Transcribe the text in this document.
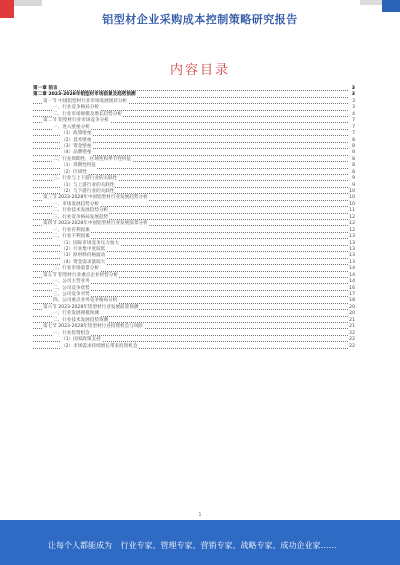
铝型材企业采购成本控制策略研究报告
内容目录
第一章 前言	3
第二章 2023-2028年铝型材市场前景及趋势预测	3
第一节 中国铝型材行业市场发展现状分析	3
一、行业竞争格局分析	3
二、行业市场规模及增长趋势分析	4
第二节 铝型材行业市场竞争分析	7
一、进入壁垒分析	7
（1）政策壁垒	7
（2）技术壁垒	8
（3）资金壁垒	8
（4）品牌壁垒	8
二、行业周期性、区域性和季节性特征	8
（1）周期性特征	8
（2）区域性	8
三、行业与上下游行业的关联性	9
（1）与上游行业的关联性	9
（2）与下游行业的关联性	10
第三节 2023-2028年中国铝型材行业发展趋势分析	10
一、市场发展趋势分析	10
二、行业技术发展趋势分析	11
三、行业竞争格局发展趋势	12
第四节 2023-2028年中国铝型材行业发展前景分析	12
一、行业有利因素	12
二、行业不利因素	13
（1）国际市场竞争压力加大	13
（2）行业集中度较低	13
（3）原材料价格波动	13
（4）资金需求量较大	13
三、行业市场前景分析	14
第五节 铝型材行业重点企业经营分析	14
一、公司主营业务	14
二、公司竞争优势	16
三、公司竞争劣势	17
四、公司重点业务竞争格局分析	18
第六节 2023-2028年铝型材行业发展前景预测	20
一、行业发展规模预测	20
二、行业技术发展趋势预测	21
第七节 2023-2028年铝型材行业投资机会与风险	21
一、行业投资机会	22
（1）国家政策支持	22
（2）市场需求持续增长带来投资机会	22
1
让每个人都能成为 行业专家、管理专家、营销专家、战略专家、成功企业家……
